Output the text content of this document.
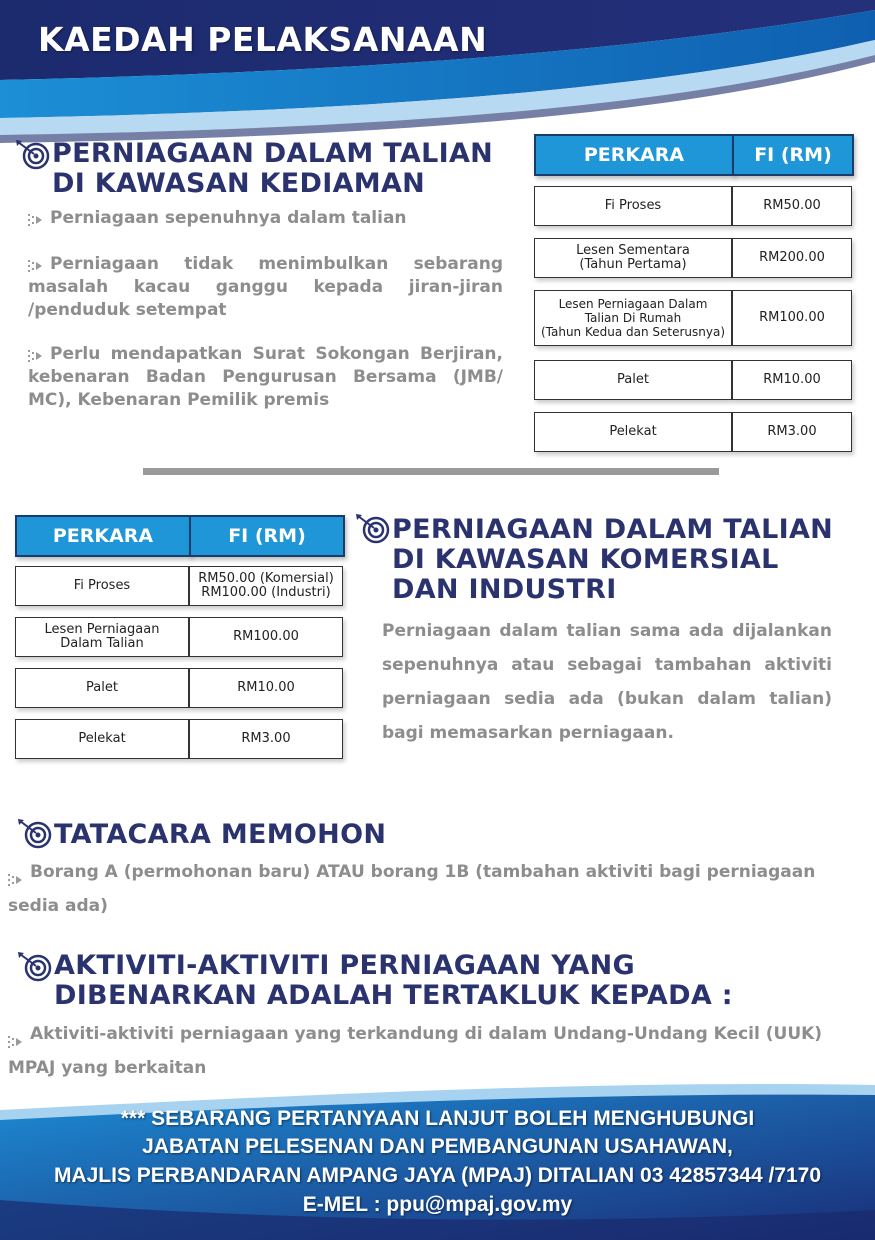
KAEDAH PELAKSANAAN
PERNIAGAAN DALAM TALIAN
DI KAWASAN KEDIAMAN
Perniagaan sepenuhnya dalam talian
Perniagaan tidak menimbulkan sebarang masalah kacau ganggu kepada jiran-jiran /penduduk setempat
Perlu mendapatkan Surat Sokongan Berjiran, kebenaran Badan Pengurusan Bersama (JMB/ MC), Kebenaran Pemilik premis
PERKARA	FI (RM)
Fi Proses	RM50.00
Lesen Sementara
(Tahun Pertama)	RM200.00
Lesen Perniagaan Dalam
Talian Di Rumah
(Tahun Kedua dan Seterusnya)
RM100.00
Palet	RM10.00
Pelekat	RM3.00
PERKARA	FI (RM)
Fi Proses	RM50.00 (Komersial)
RM100.00 (Industri)
Lesen Perniagaan
Dalam Talian	RM100.00
Palet	RM10.00
Pelekat	RM3.00
PERNIAGAAN DALAM TALIAN
DI KAWASAN KOMERSIAL
DAN INDUSTRI
Perniagaan dalam talian sama ada dijalankan sepenuhnya atau sebagai tambahan aktiviti perniagaan sedia ada (bukan dalam talian) bagi memasarkan perniagaan.
TATACARA MEMOHON
Borang A (permohonan baru) ATAU borang 1B (tambahan aktiviti bagi perniagaan sedia ada)
AKTIVITI-AKTIVITI PERNIAGAAN YANG
DIBENARKAN ADALAH TERTAKLUK KEPADA :
Aktiviti-aktiviti perniagaan yang terkandung di dalam Undang-Undang Kecil (UUK) MPAJ yang berkaitan
*** SEBARANG PERTANYAAN LANJUT BOLEH MENGHUBUNGI
JABATAN PELESENAN DAN PEMBANGUNAN USAHAWAN,
MAJLIS PERBANDARAN AMPANG JAYA (MPAJ) DITALIAN 03 42857344 /7170
E-MEL : ppu@mpaj.gov.my
